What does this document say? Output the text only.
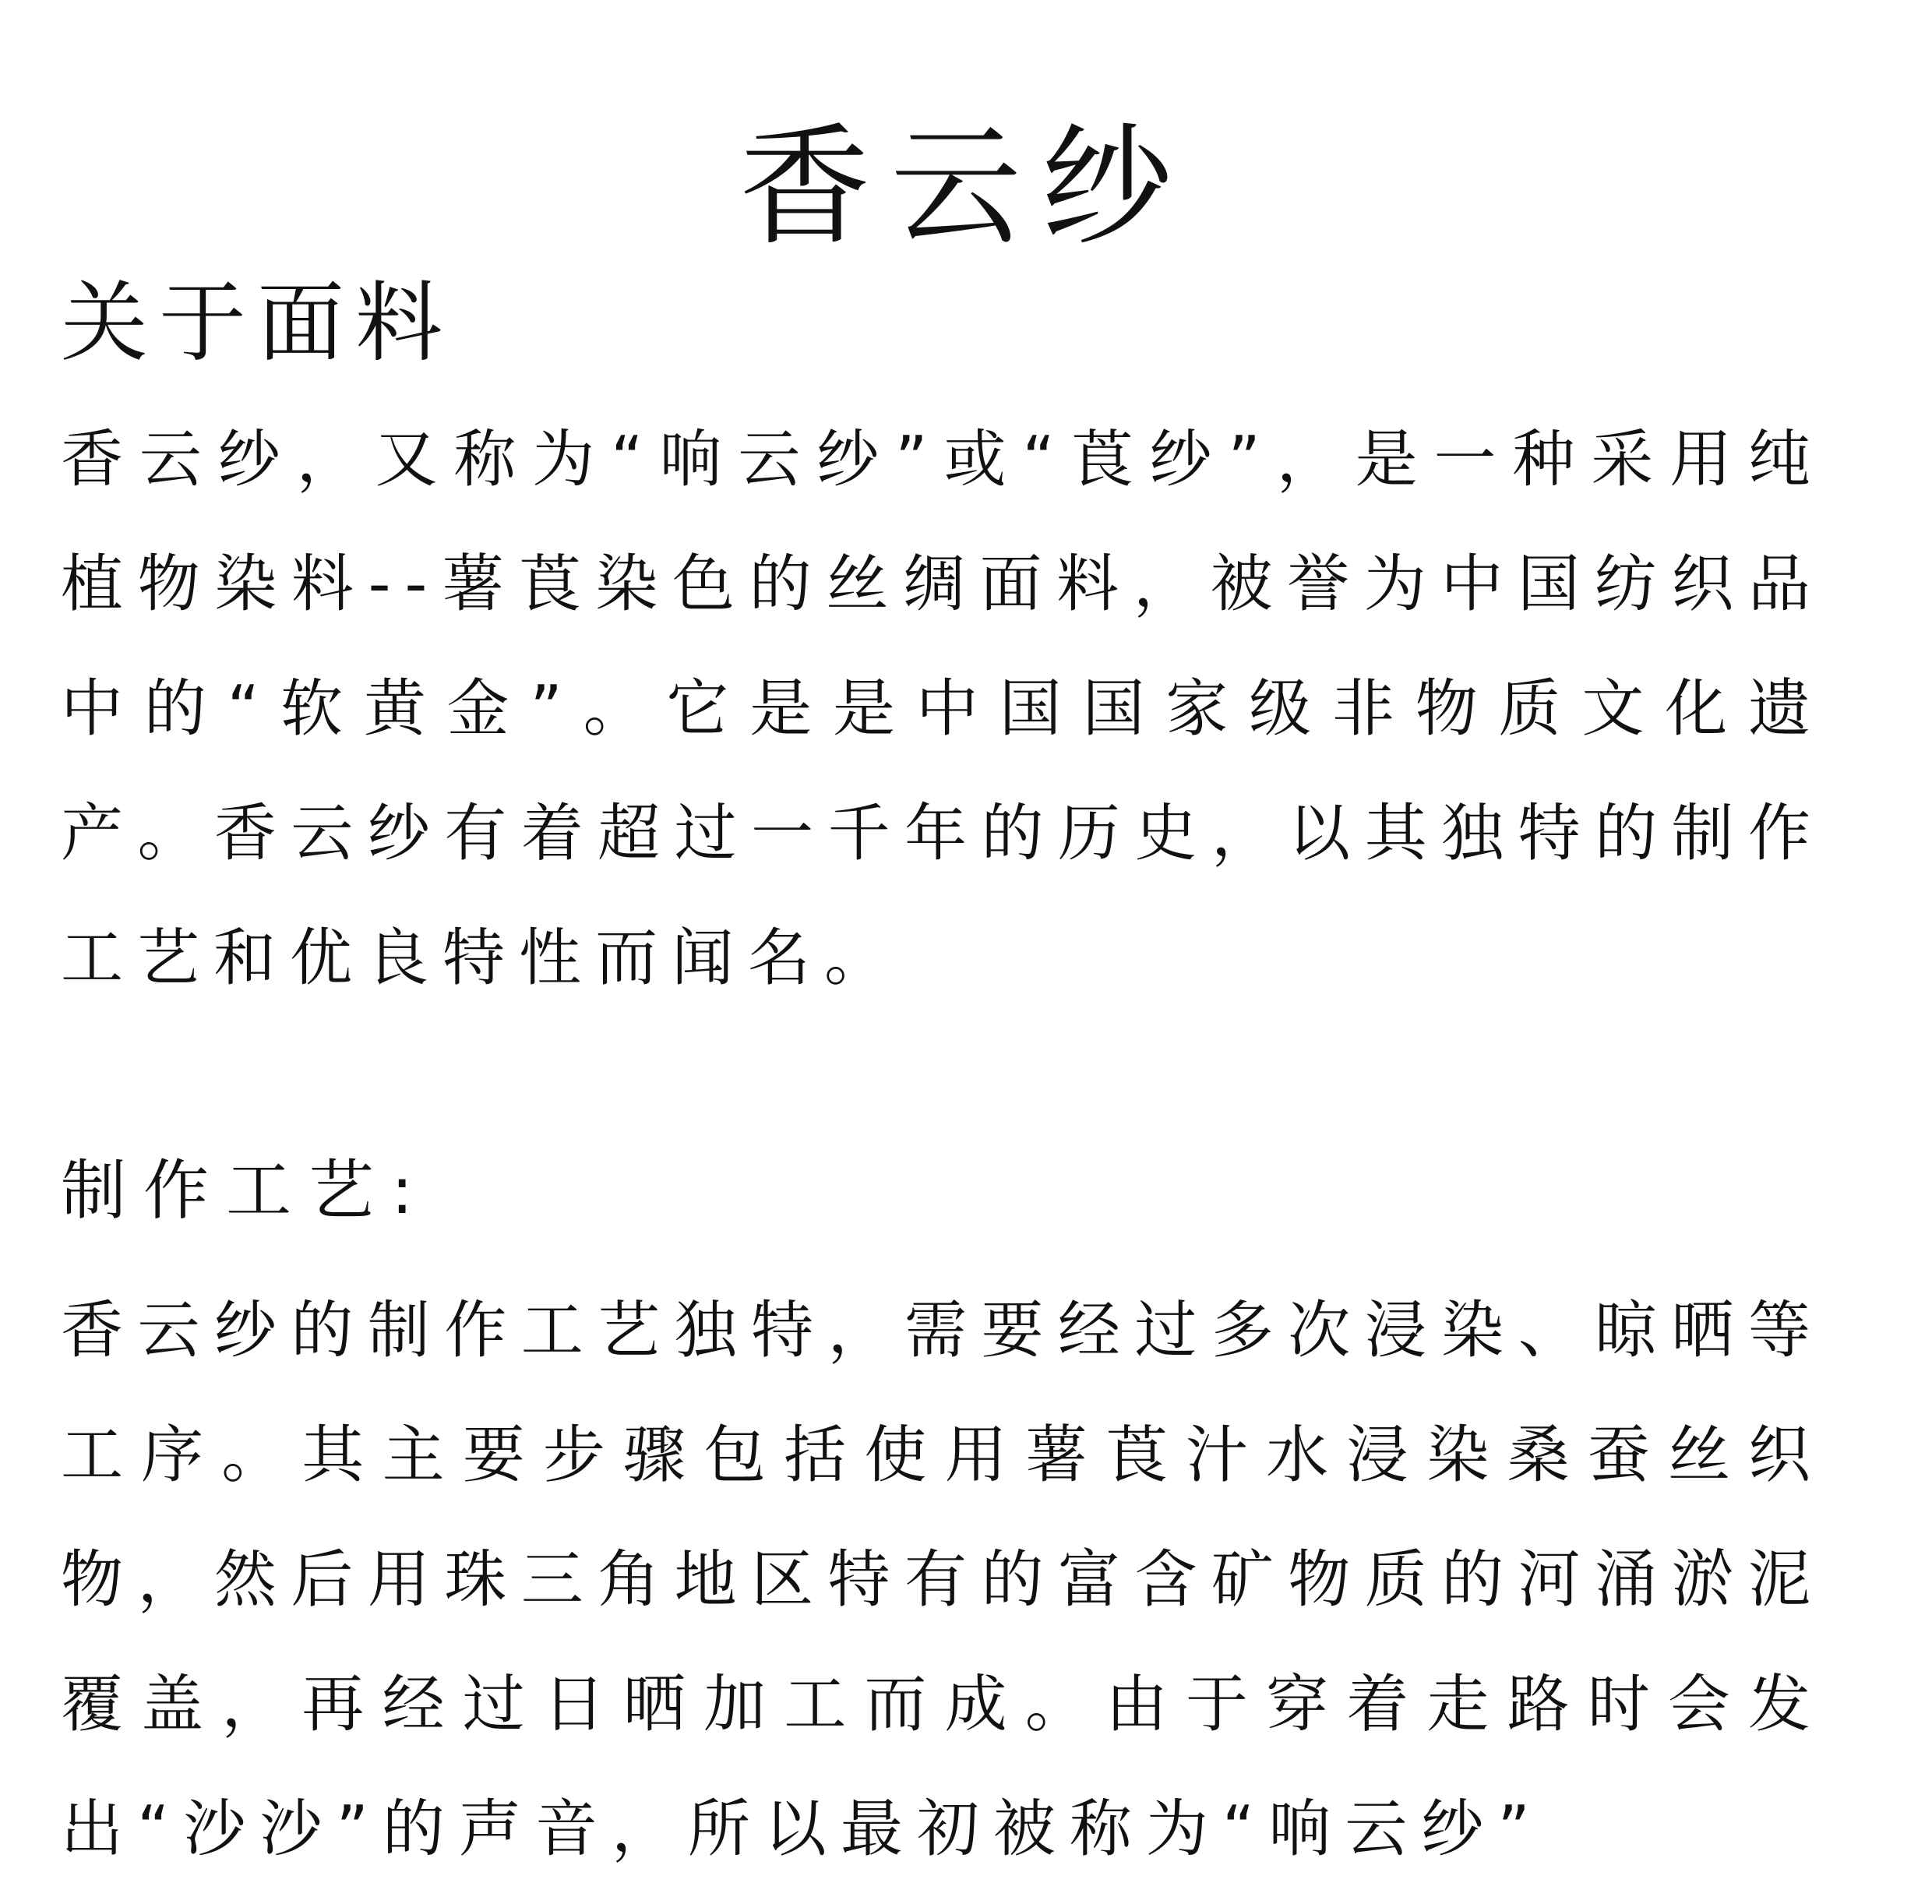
香云纱
关于面料

香云纱，又称为“响云纱”或“莨纱”，是一种采用纯植物染料--薯莨染色的丝绸面料，被誉为中国纺织品中的“软黄金”。它是是中国国家级非物质文化遗产。香云纱有着超过一千年的历史，以其独特的制作工艺和优良特性而闻名。

制作工艺:

香云纱的制作工艺独特，需要经过多次浸染、晾晒等工序。其主要步骤包括使用薯莨汁水浸染桑蚕丝织物，然后用珠三角地区特有的富含矿物质的河涌淤泥覆盖，再经过日晒加工而成。由于穿着走路时会发出“沙沙”的声音，所以最初被称为“响云纱”
